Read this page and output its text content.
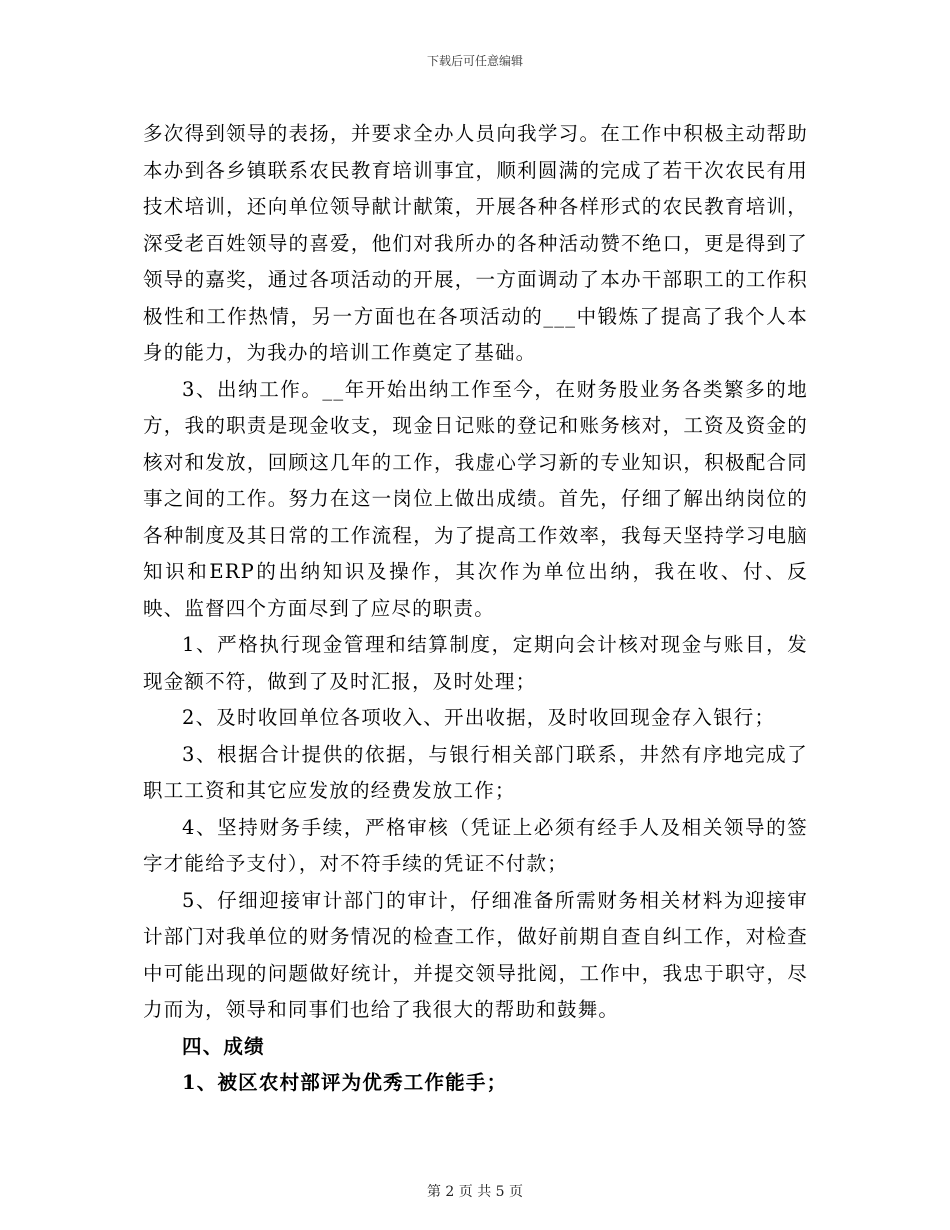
下载后可任意编辑

多次得到领导的表扬，并要求全办人员向我学习。在工作中积极主动帮助本办到各乡镇联系农民教育培训事宜，顺利圆满的完成了若干次农民有用技术培训，还向单位领导献计献策，开展各种各样形式的农民教育培训，深受老百姓领导的喜爱，他们对我所办的各种活动赞不绝口，更是得到了领导的嘉奖，通过各项活动的开展，一方面调动了本办干部职工的工作积极性和工作热情，另一方面也在各项活动的___中锻炼了提高了我个人本身的能力，为我办的培训工作奠定了基础。

3、出纳工作。__年开始出纳工作至今，在财务股业务各类繁多的地方，我的职责是现金收支，现金日记账的登记和账务核对，工资及资金的核对和发放，回顾这几年的工作，我虚心学习新的专业知识，积极配合同事之间的工作。努力在这一岗位上做出成绩。首先，仔细了解出纳岗位的各种制度及其日常的工作流程，为了提高工作效率，我每天坚持学习电脑知识和ERP的出纳知识及操作，其次作为单位出纳，我在收、付、反映、监督四个方面尽到了应尽的职责。

1、严格执行现金管理和结算制度，定期向会计核对现金与账目，发现金额不符，做到了及时汇报，及时处理；

2、及时收回单位各项收入、开出收据，及时收回现金存入银行；

3、根据合计提供的依据，与银行相关部门联系，井然有序地完成了职工工资和其它应发放的经费发放工作；

4、坚持财务手续，严格审核（凭证上必须有经手人及相关领导的签字才能给予支付），对不符手续的凭证不付款；

5、仔细迎接审计部门的审计，仔细准备所需财务相关材料为迎接审计部门对我单位的财务情况的检查工作，做好前期自查自纠工作，对检查中可能出现的问题做好统计，并提交领导批阅，工作中，我忠于职守，尽力而为，领导和同事们也给了我很大的帮助和鼓舞。

四、成绩

1、被区农村部评为优秀工作能手；

第 2 页 共 5 页
